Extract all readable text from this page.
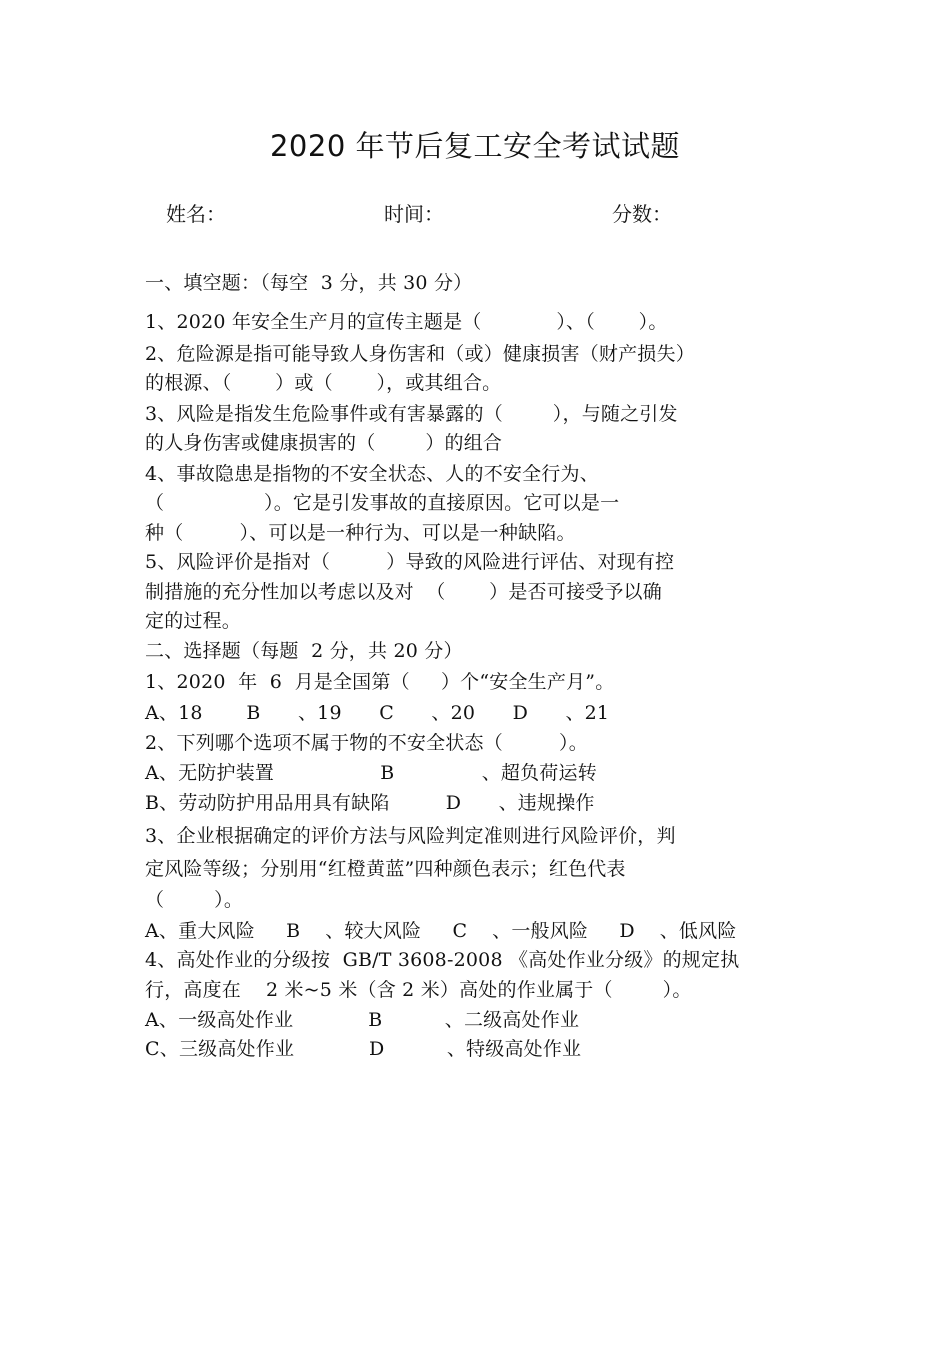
2020 年节后复工安全考试试题
姓名：	时间：	分数：
一、填空题：（每空  3 分，共 30 分）
1、2020 年安全生产月的宣传主题是（            ）、（       ）。
2、危险源是指可能导致人身伤害和（或）健康损害（财产损失）
的根源、（       ）或（       ），或其组合。
3、风险是指发生危险事件或有害暴露的（        ），与随之引发
的人身伤害或健康损害的（        ）的组合
4、事故隐患是指物的不安全状态、人的不安全行为、
（                ）。它是引发事故的直接原因。它可以是一
种（         ）、可以是一种行为、可以是一种缺陷。
5、风险评价是指对（         ）导致的风险进行评估、对现有控
制措施的充分性加以考虑以及对  （       ）是否可接受予以确
定的过程。
二、选择题（每题  2 分，共 20 分）
1、2020  年  6  月是全国第（     ）个“安全生产月”。
A、18       B      、19      C      、20      D      、21
2、下列哪个选项不属于物的不安全状态（         ）。
A、无防护装置                 B              、超负荷运转
B、劳动防护用品用具有缺陷         D      、违规操作
3、企业根据确定的评价方法与风险判定准则进行风险评价，判
定风险等级；分别用“红橙黄蓝”四种颜色表示；红色代表
（        ）。
A、重大风险     B    、较大风险     C    、一般风险     D    、低风险
4、高处作业的分级按  GB/T 3608-2008 《高处作业分级》的规定执
行，高度在    2 米~5 米（含 2 米）高处的作业属于（        ）。
A、一级高处作业            B          、二级高处作业
C、三级高处作业            D          、特级高处作业
